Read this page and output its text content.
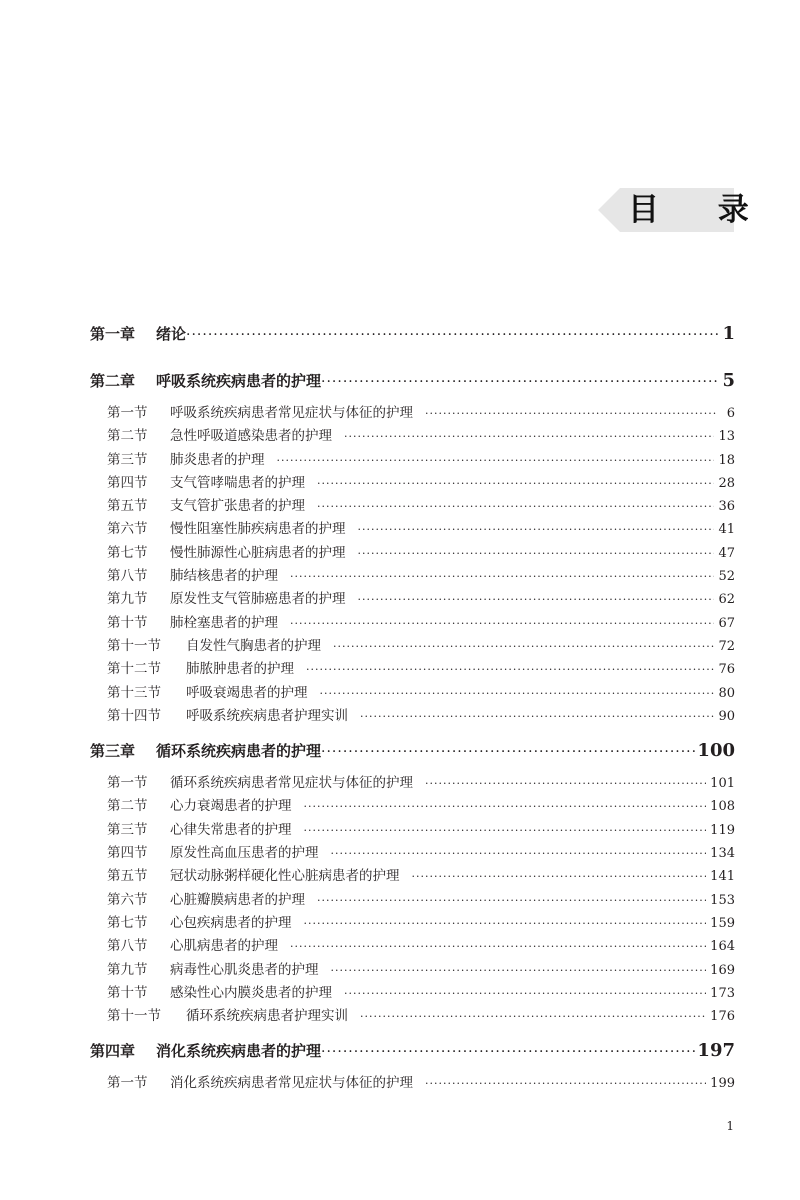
目 录
第一章	绪论 ·····	1
第二章	呼吸系统疾病患者的护理 ·····	5
第一节	呼吸系统疾病患者常见症状与体征的护理 ·····	6
第二节	急性呼吸道感染患者的护理 ·····	13
第三节	肺炎患者的护理 ·····	18
第四节	支气管哮喘患者的护理 ·····	28
第五节	支气管扩张患者的护理 ·····	36
第六节	慢性阻塞性肺疾病患者的护理 ·····	41
第七节	慢性肺源性心脏病患者的护理 ·····	47
第八节	肺结核患者的护理 ·····	52
第九节	原发性支气管肺癌患者的护理 ·····	62
第十节	肺栓塞患者的护理 ·····	67
第十一节	自发性气胸患者的护理 ·····	72
第十二节	肺脓肿患者的护理 ·····	76
第十三节	呼吸衰竭患者的护理 ·····	80
第十四节	呼吸系统疾病患者护理实训 ·····	90
第三章	循环系统疾病患者的护理 ·····	100
第一节	循环系统疾病患者常见症状与体征的护理 ·····	101
第二节	心力衰竭患者的护理 ·····	108
第三节	心律失常患者的护理 ·····	119
第四节	原发性高血压患者的护理 ·····	134
第五节	冠状动脉粥样硬化性心脏病患者的护理 ·····	141
第六节	心脏瓣膜病患者的护理 ·····	153
第七节	心包疾病患者的护理 ·····	159
第八节	心肌病患者的护理 ·····	164
第九节	病毒性心肌炎患者的护理 ·····	169
第十节	感染性心内膜炎患者的护理 ·····	173
第十一节	循环系统疾病患者护理实训 ·····	176
第四章	消化系统疾病患者的护理 ·····	197
第一节	消化系统疾病患者常见症状与体征的护理 ·····	199
1
